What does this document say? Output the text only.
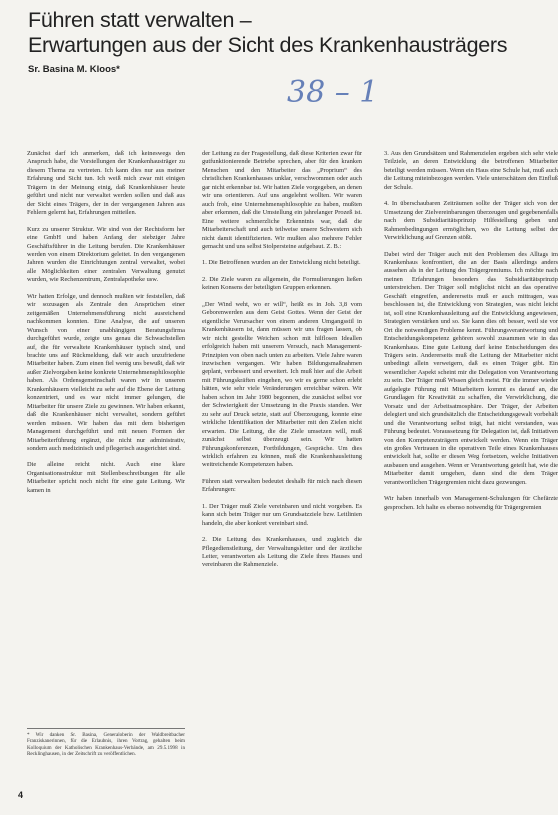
Führen statt verwalten –
Erwartungen aus der Sicht des Krankenhausträgers
Sr. Basina M. Kloos*
38 – 1

Zunächst darf ich anmerken, daß ich keineswegs den Anspruch habe, die Vorstellungen der Krankenhausträger zu diesem Thema zu vertreten. Ich kann dies nur aus meiner Erfahrung und Sicht tun. Ich weiß mich zwar mit einigen Trägern in der Meinung einig, daß Krankenhäuser heute geführt und nicht nur verwaltet werden sollen und daß aus der Sicht eines Trägers, der in der vergangenen Jahren aus Fehlern gelernt hat, Erfahrungen mitteilen.

Kurz zu unserer Struktur. Wir sind von der Rechtsform her eine GmbH und haben Anfang der siebziger Jahre Geschäftsführer in die Leitung berufen. Die Krankenhäuser werden von einem Direktorium geleitet. In den vergangenen Jahren wurden die Einrichtungen zentral verwaltet, wobei alle Möglichkeiten einer zentralen Verwaltung genutzt wurden, wie Rechenzentrum, Zentralapotheke usw.

Wir hatten Erfolge, und dennoch mußten wir feststellen, daß wir sozusagen als Zentrale den Ansprüchen einer zeitgemäßen Unternehmensführung nicht ausreichend nachkommen konnten. Eine Analyse, die auf unseren Wunsch von einer unabhängigen Beratungsfirma durchgeführt wurde, zeigte uns genau die Schwachstellen auf, die für verwaltete Krankenhäuser typisch sind, und brachte uns auf Rückmeldung, daß wir auch unzufriedene Mitarbeiter haben. Zum einen fiel wenig uns bewußt, daß wir außer Zielvorgaben keine konkrete Unternehmensphilosophie haben. Als Ordensgemeinschaft waren wir in unseren Krankenhäusern vielleicht zu sehr auf die Ebene der Leitung konzentriert, und es war nicht immer gelungen, die Mitarbeiter für unsere Ziele zu gewinnen. Wir haben erkannt, daß die Krankenhäuser nicht verwaltet, sondern geführt werden müssen. Wir haben das mit dem bisherigen Management durchgeführt und mit neuen Formen der Mitarbeiterführung ergänzt, die nicht nur administrativ, sondern auch medizinisch und pflegerisch ausgerichtet sind.

Die alleine reicht nicht. Auch eine klare Organisationsstruktur mit Stellenbeschreibungen für alle Mitarbeiter spricht noch nicht für eine gute Leitung. Wir kamen in

der Leitung zu der Fragestellung, daß diese Kriterien zwar für gutfunktionierende Betriebe sprechen, aber für den kranken Menschen und den Mitarbeiter das „Proprium“ des christlichen Krankenhauses unklar, verschwommen oder auch gar nicht erkennbar ist. Wir hatten Ziele vorgegeben, an denen wir uns orientieren. Auf uns angelehnt wollten. Wir waren auch froh, eine Unternehmensphilosophie zu haben, mußten aber erkennen, daß die Umstellung ein jahrelanger Prozeß ist. Eine weitere schmerzliche Erkenntnis war, daß die Mitarbeiterschaft und auch teilweise unsere Schwestern sich nicht damit identifizierten. Wir mußten also mehrere Fehler gemacht und uns selbst Stolpersteine aufgebaut. Z. B.:

1. Die Betroffenen wurden an der Entwicklung nicht beteiligt.

2. Die Ziele waren zu allgemein, die Formulierungen ließen keinen Konsens der beteiligten Gruppen erkennen.

„Der Wind weht, wo er will“, heißt es in Joh. 3,8 vom Geborenwerden aus dem Geist Gottes. Wenn der Geist der eigentliche Verursacher von einem anderen Umgangsstil in Krankenhäusern ist, dann müssen wir uns fragen lassen, ob wir nicht gestellte Weichen schon mit hilflosen Ideallen erfolgreich haben mit unserem Versuch, nach Management-Prinzipien von oben nach unten zu arbeiten. Viele Jahre waren inzwischen vergangen. Wir haben Bildungsmaßnahmen geplant, verbessert und erweitert. Ich muß hier auf die Arbeit mit Führungskräften eingehen, wo wir es gerne schon erlebt hätten, wie sehr viele Veränderungen erreichbar wären. Wir haben schon im Jahr 1980 begonnen, die zunächst selbst vor der Schwierigkeit der Umsetzung in die Praxis standen. Wer zu sehr auf Druck setzte, statt auf Überzeugung, konnte eine wirkliche Identifikation der Mitarbeiter mit den Zielen nicht erwarten. Die Leitung, die die Ziele umsetzen will, muß zunächst selbst überzeugt sein. Wir hatten Führungskonferenzen, Fortbildungen, Gespräche. Um dies wirklich erfahren zu können, muß die Krankenhausleitung weitreichende Kompetenzen haben.

Führen statt verwalten bedeutet deshalb für mich nach diesen Erfahrungen:

1. Der Träger muß Ziele vereinbaren und nicht vorgeben. Es kann sich beim Träger nur um Grundsatzziele bzw. Leitlinien handeln, die aber konkret vereinbart sind.

2. Die Leitung des Krankenhauses, und zugleich die Pflegedienstleitung, der Verwaltungsleiter und der ärztliche Leiter, verantworten als Leitung die Ziele ihres Hauses und vereinbaren die Rahmenziele.

3. Aus den Grundsätzen und Rahmenzielen ergeben sich sehr viele Teilziele, an deren Entwicklung die betroffenen Mitarbeiter beteiligt werden müssen. Wenn ein Haus eine Schule hat, muß auch die Leitung miteinbezogen werden. Viele unterschätzen den Einfluß der Schule.

4. In überschaubaren Zeiträumen sollte der Träger sich von der Umsetzung der Zielvereinbarungen überzeugen und gegebenenfalls nach dem Subsidiaritätsprinzip Hilfestellung geben und Rahmenbedingungen ermöglichen, wo die Leitung selbst der Verwirklichung auf Grenzen stößt.

Dabei wird der Träger auch mit den Problemen des Alltags im Krankenhaus konfrontiert, die an der Basis allerdings anders aussehen als in der Leitung des Trägergremiums. Ich möchte nach meinen Erfahrungen besonders das Subsidiaritätsprinzip unterstreichen. Der Träger soll möglichst nicht an das operative Geschäft eingreifen, andererseits muß er auch mittragen, was beschlossen ist, die Entwicklung von Strategien, was nicht leicht ist, soll eine Krankenhausleitung auf die Entwicklung angewiesen, Strategien verstärken und so. Sie kann dies oft besser, weil sie vor Ort die notwendigen Probleme kennt. Führungsverantwortung und Entscheidungskompetenz gehören sowohl zusammen wie in das Krankenhaus. Eine gute Leitung darf keine Entscheidungen des Trägers sein. Andererseits muß die Leitung der Mitarbeiter nicht unbedingt allein verweigern, daß es einen Träger gibt. Ein wesentlicher Aspekt scheint mir die Delegation von Verantwortung zu sein. Der Träger muß Wissen gleich meist. Für die immer wieder aufgelegte Führung mit Mitarbeitern kommt es darauf an, die Grundlagen für Kreativität zu schaffen, die Verwirklichung, die Vorsatz und der Arbeitsatmosphäre. Der Träger, der Arbeiten delegiert und sich grundsätzlich die Entscheidungsgewalt vorbehält und die Verantwortung selbst trägt, hat nicht verstanden, was Führung bedeutet. Voraussetzung für Delegation ist, daß Initiativen von den Kompetenzsträgern entwickelt werden. Wenn ein Träger ein großes Vertrauen in die operativen Teile eines Krankenhauses entwickelt hat, sollte er diesen Weg fortsetzen, welche Initiativen ausbauen und ausgehen. Wenn er Verantwortung geteilt hat, wie die Mitarbeiter damit umgehen, dann sind die dem Träger verantwortlichen Trägergremien nicht dazu gezwungen.

Wir haben innerhalb von Management-Schulungen für Chefärzte gesprochen. Ich halte es ebenso notwendig für Trägergremien

* Wir danken Sr. Basina, Generaloberin der Waldbreitbacher Franziskanerinnen, für die Erlaubnis, ihren Vortrag, gehalten beim Kolloquium der Katholischen Krankenhaus-Verbände, am 29.5.1998 in Recklinghausen, in der Zeitschrift zu veröffentlichen.
4
